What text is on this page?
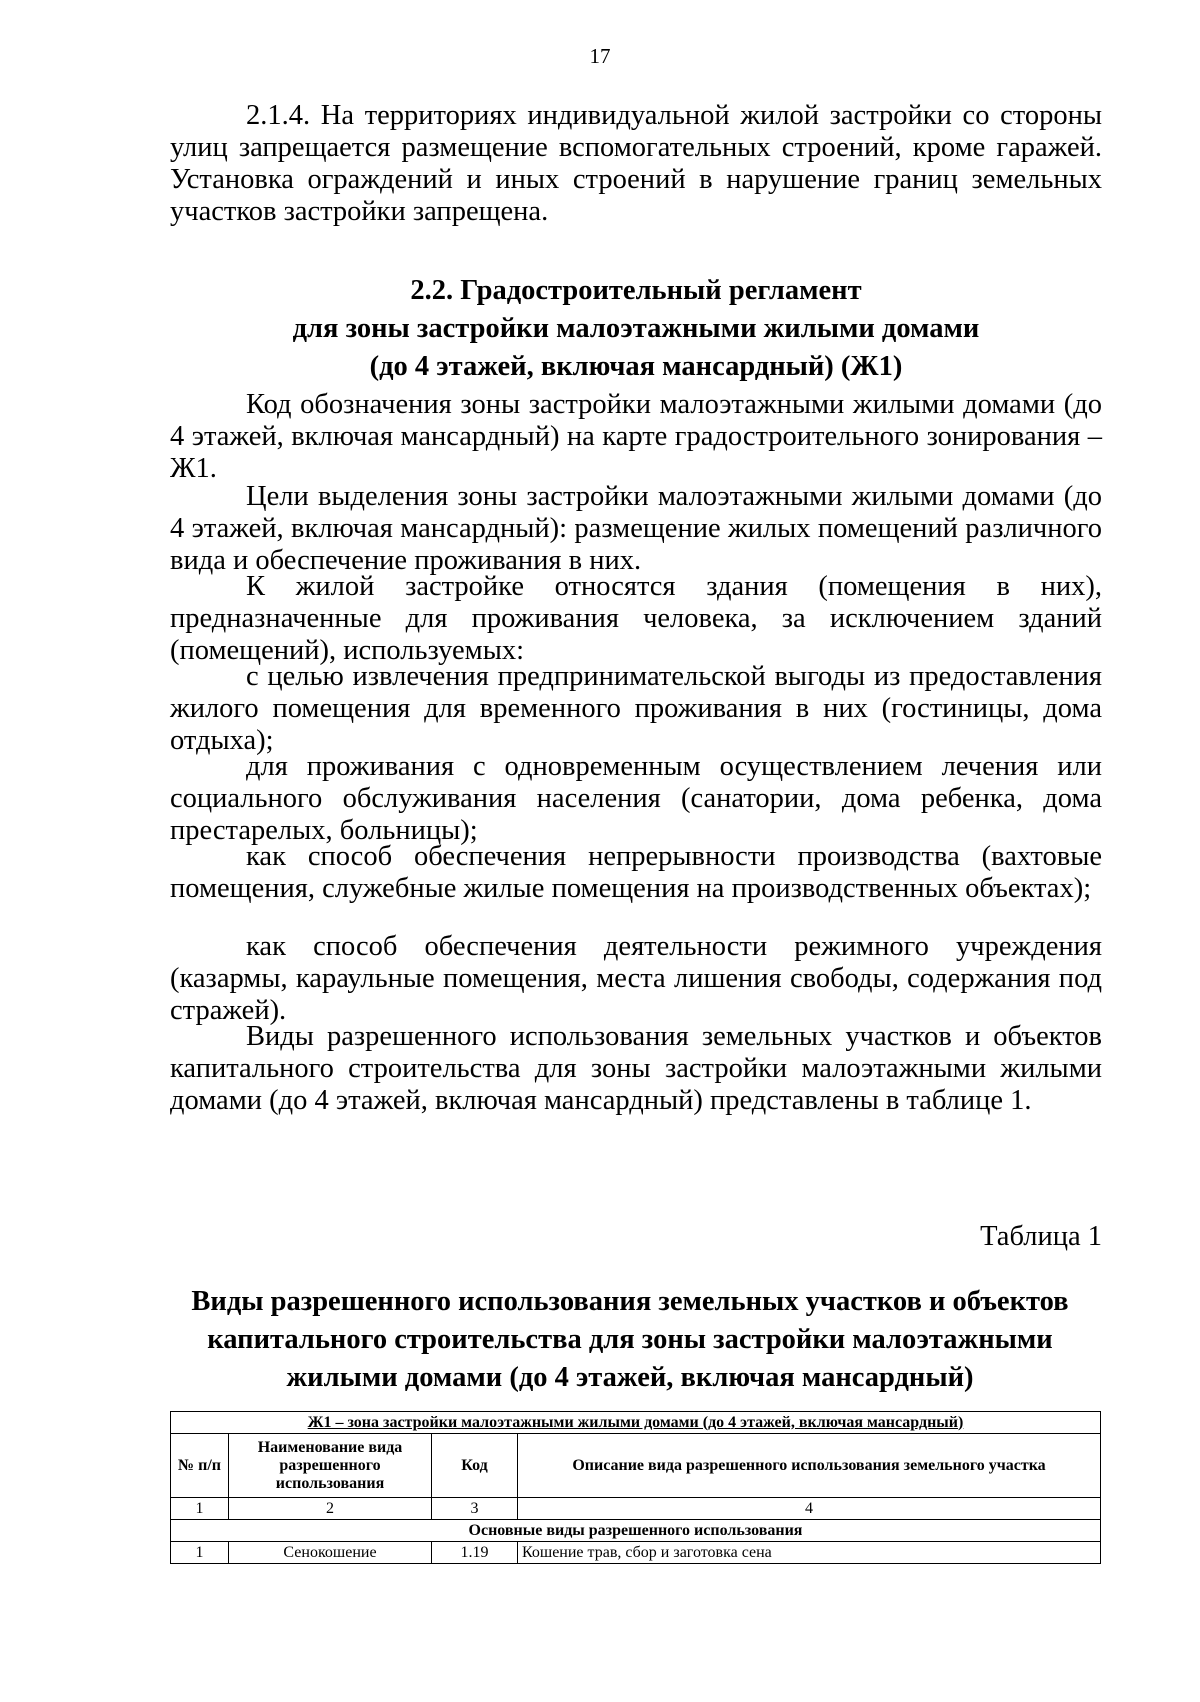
17

2.1.4. На территориях индивидуальной жилой застройки со стороны улиц запрещается размещение вспомогательных строений, кроме гаражей. Установка ограждений и иных строений в нарушение границ земельных участков застройки запрещена.

2.2. Градостроительный регламент
для зоны застройки малоэтажными жилыми домами
(до 4 этажей, включая мансардный) (Ж1)

Код обозначения зоны застройки малоэтажными жилыми домами (до 4 этажей, включая мансардный) на карте градостроительного зонирования – Ж1.

Цели выделения зоны застройки малоэтажными жилыми домами (до 4 этажей, включая мансардный): размещение жилых помещений различного вида и обеспечение проживания в них.

К жилой застройке относятся здания (помещения в них), предназначенные для проживания человека, за исключением зданий (помещений), используемых:

с целью извлечения предпринимательской выгоды из предоставления жилого помещения для временного проживания в них (гостиницы, дома отдыха);

для проживания с одновременным осуществлением лечения или социального обслуживания населения (санатории, дома ребенка, дома престарелых, больницы);

как способ обеспечения непрерывности производства (вахтовые помещения, служебные жилые помещения на производственных объектах);

как способ обеспечения деятельности режимного учреждения (казармы, караульные помещения, места лишения свободы, содержания под стражей).

Виды разрешенного использования земельных участков и объектов капитального строительства для зоны застройки малоэтажными жилыми домами (до 4 этажей, включая мансардный) представлены в таблице 1.

Таблица 1
Виды разрешенного использования земельных участков и объектов
капитального строительства для зоны застройки малоэтажными
жилыми домами (до 4 этажей, включая мансардный)
Ж1 – зона застройки малоэтажными жилыми домами (до 4 этажей, включая мансардный)			
№ п/п	Наименование вида разрешенного использования	Код	Описание вида разрешенного использования земельного участка
1	2	3	4
Основные виды разрешенного использования			
1	Сенокошение	1.19	Кошение трав, сбор и заготовка сена
